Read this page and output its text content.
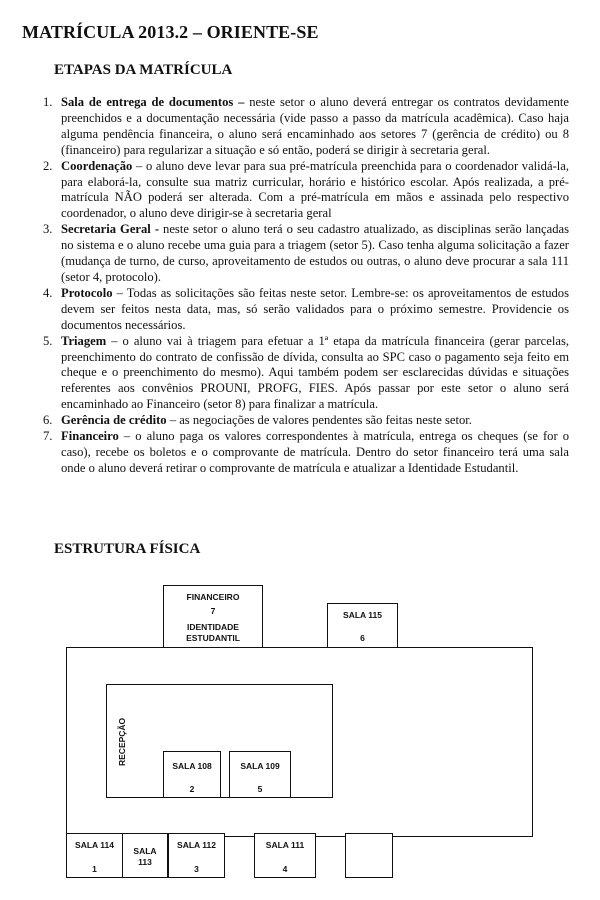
MATRÍCULA 2013.2 – ORIENTE-SE
ETAPAS DA MATRÍCULA
1. Sala de entrega de documentos – neste setor o aluno deverá entregar os contratos devidamente preenchidos e a documentação necessária (vide passo a passo da matrícula acadêmica). Caso haja alguma pendência financeira, o aluno será encaminhado aos setores 7 (gerência de crédito) ou 8 (financeiro) para regularizar a situação e só então, poderá se dirigir à secretaria geral.
2. Coordenação – o aluno deve levar para sua pré-matrícula preenchida para o coordenador validá-la, para elaborá-la, consulte sua matriz curricular, horário e histórico escolar. Após realizada, a pré-matrícula NÃO poderá ser alterada. Com a pré-matrícula em mãos e assinada pelo respectivo coordenador, o aluno deve dirigir-se à secretaria geral
3. Secretaria Geral - neste setor o aluno terá o seu cadastro atualizado, as disciplinas serão lançadas no sistema e o aluno recebe uma guia para a triagem (setor 5). Caso tenha alguma solicitação a fazer (mudança de turno, de curso, aproveitamento de estudos ou outras, o aluno deve procurar a sala 111 (setor 4, protocolo).
4. Protocolo – Todas as solicitações são feitas neste setor. Lembre-se: os aproveitamentos de estudos devem ser feitos nesta data, mas, só serão validados para o próximo semestre. Providencie os documentos necessários.
5. Triagem – o aluno vai à triagem para efetuar a 1ª etapa da matrícula financeira (gerar parcelas, preenchimento do contrato de confissão de dívida, consulta ao SPC caso o pagamento seja feito em cheque e o preenchimento do mesmo). Aqui também podem ser esclarecidas dúvidas e situações referentes aos convênios PROUNI, PROFG, FIES. Após passar por este setor o aluno será encaminhado ao Financeiro (setor 8) para finalizar a matrícula.
6. Gerência de crédito – as negociações de valores pendentes são feitas neste setor.
7. Financeiro – o aluno paga os valores correspondentes à matrícula, entrega os cheques (se for o caso), recebe os boletos e o comprovante de matrícula. Dentro do setor financeiro terá uma sala onde o aluno deverá retirar o comprovante de matrícula e atualizar a Identidade Estudantil.
ESTRUTURA FÍSICA
FINANCEIRO
7
IDENTIDADE ESTUDANTIL
SALA 115
6
RECEPÇÃO	SALA 108
2
SALA 109
5
SALA 114
1
SALA 113
SALA 112
3
SALA 111
4
